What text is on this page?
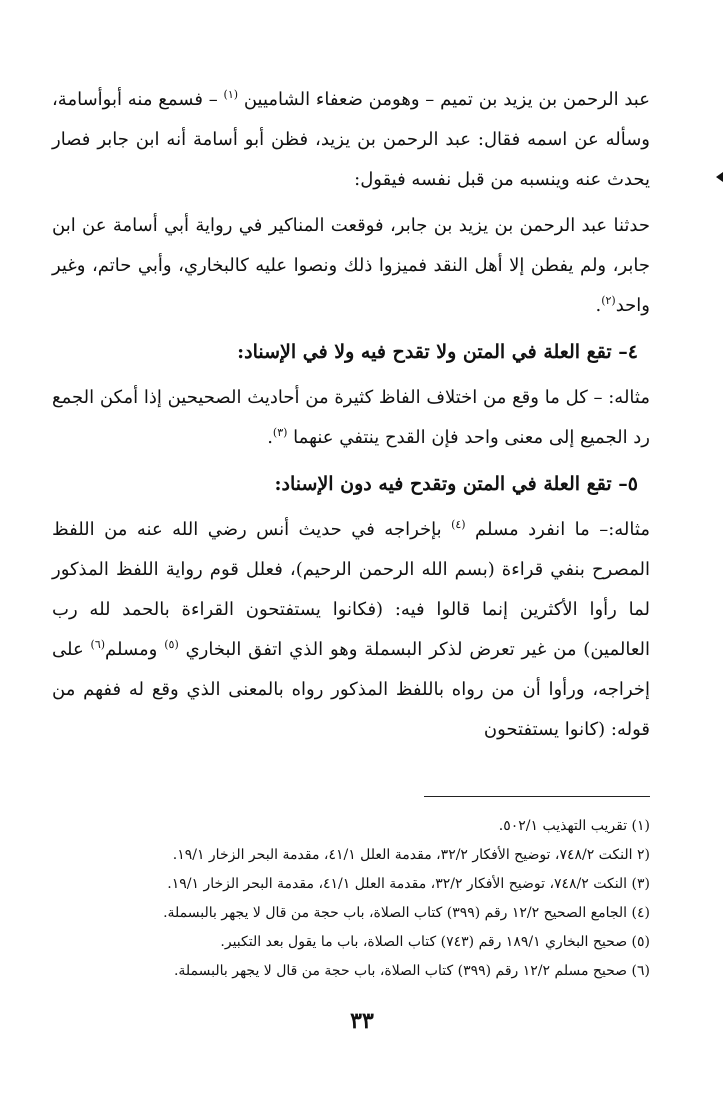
عبد الرحمن بن يزيد بن تميم – وهومن ضعفاء الشاميين $^{(١)}$ – فسمع منه أبوأسامة، وسأله عن اسمه فقال: عبد الرحمن بن يزيد، فظن أبو أسامة أنه ابن جابر فصار يحدث عنه وينسبه من قبل نفسه فيقول:

حدثنا عبد الرحمن بن يزيد بن جابر، فوقعت المناكير في رواية أبي أسامة عن ابن جابر، ولم يفطن إلا أهل النقد فميزوا ذلك ونصوا عليه كالبخاري، وأبي حاتم، وغير واحد$^{(٢)}$.

٤– تقع العلة في المتن ولا تقدح فيه ولا في الإسناد:

مثاله: – كل ما وقع من اختلاف الفاظ كثيرة من أحاديث الصحيحين إذا أمكن الجمع رد الجميع إلى معنى واحد فإن القدح ينتفي عنهما $^{(٣)}$.

٥– تقع العلة في المتن وتقدح فيه دون الإسناد:

مثاله:– ما انفرد مسلم $^{(٤)}$ بإخراجه في حديث أنس رضي الله عنه من اللفظ المصرح بنفي قراءة (بسم الله الرحمن الرحيم)، فعلل قوم رواية اللفظ المذكور لما رأوا الأكثرين إنما قالوا فيه: (فكانوا يستفتحون القراءة بالحمد لله رب العالمين) من غير تعرض لذكر البسملة وهو الذي اتفق البخاري $^{(٥)}$ ومسلم$^{(٦)}$ على إخراجه، ورأوا أن من رواه باللفظ المذكور رواه بالمعنى الذي وقع له ففهم من قوله: (كانوا يستفتحون

(١) تقريب التهذيب ٥٠٢/١.

(٢ النكت ٧٤٨/٢، توضيح الأفكار ٣٢/٢، مقدمة العلل ٤١/١، مقدمة البحر الزخار ١٩/١.

(٣) النكت ٧٤٨/٢، توضيح الأفكار ٣٢/٢، مقدمة العلل ٤١/١، مقدمة البحر الزخار ١٩/١.

(٤) الجامع الصحيح ١٢/٢ رقم (٣٩٩) كتاب الصلاة، باب حجة من قال لا يجهر بالبسملة.

(٥) صحيح البخاري ١٨٩/١ رقم (٧٤٣) كتاب الصلاة، باب ما يقول بعد التكبير.

(٦) صحيح مسلم ١٢/٢ رقم (٣٩٩) كتاب الصلاة، باب حجة من قال لا يجهر بالبسملة.

٣٣
